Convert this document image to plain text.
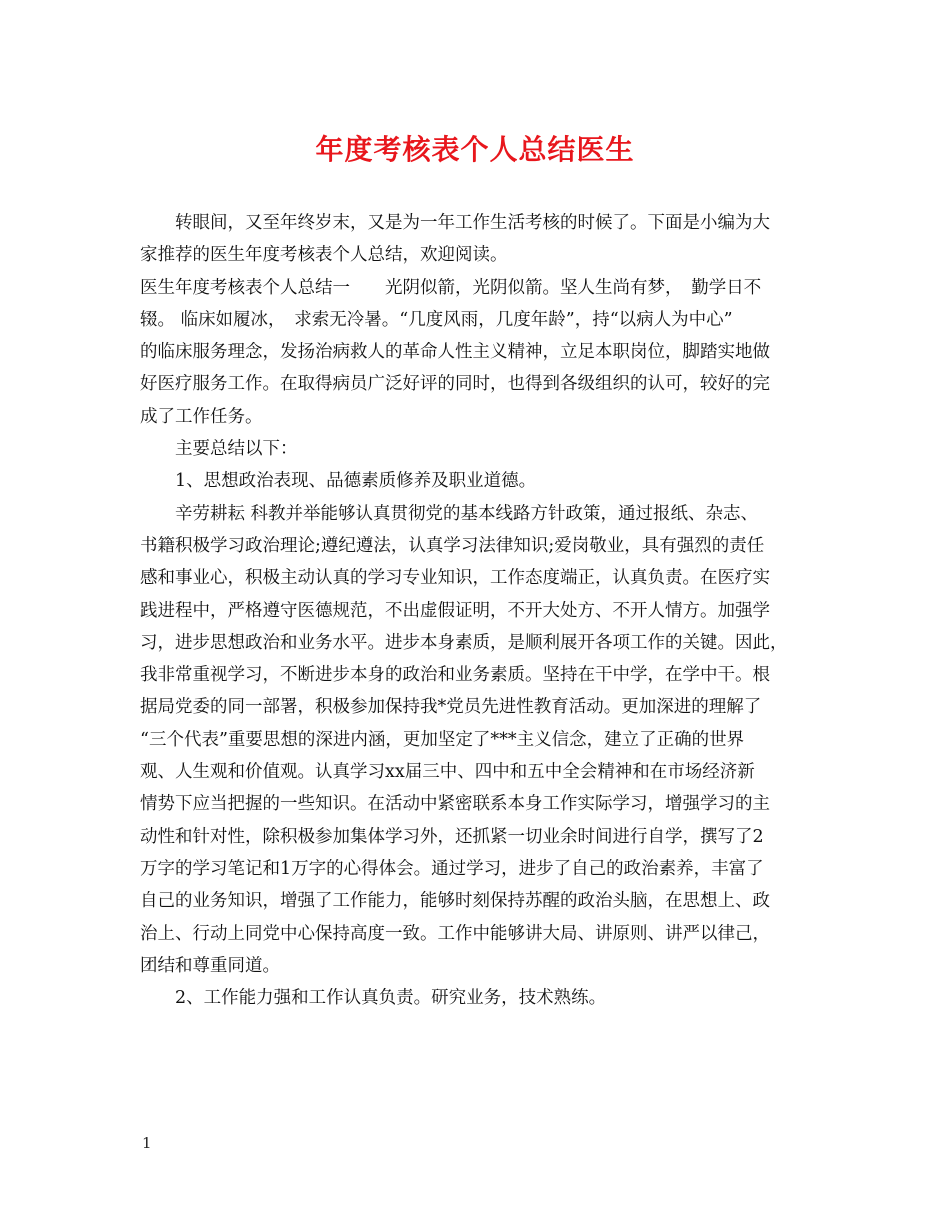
年度考核表个人总结医生
转眼间，又至年终岁末，又是为一年工作生活考核的时候了。下面是小编为大
家推荐的医生年度考核表个人总结，欢迎阅读。
医生年度考核表个人总结一　　光阴似箭，光阴似箭。坚人生尚有梦，　勤学日不
辍。 临床如履冰，　求索无冷暑。“几度风雨，几度年龄”，持“以病人为中心”
的临床服务理念，发扬治病救人的革命人性主义精神，立足本职岗位，脚踏实地做
好医疗服务工作。在取得病员广泛好评的同时，也得到各级组织的认可，较好的完
成了工作任务。
主要总结以下：
1、思想政治表现、品德素质修养及职业道德。
辛劳耕耘 科教并举能够认真贯彻党的基本线路方针政策，通过报纸、杂志、
书籍积极学习政治理论;遵纪遵法，认真学习法律知识;爱岗敬业，具有强烈的责任
感和事业心，积极主动认真的学习专业知识，工作态度端正，认真负责。在医疗实
践进程中，严格遵守医德规范，不出虚假证明，不开大处方、不开人情方。加强学
习，进步思想政治和业务水平。进步本身素质，是顺利展开各项工作的关键。因此，
我非常重视学习，不断进步本身的政治和业务素质。坚持在干中学，在学中干。根
据局党委的同一部署，积极参加保持我*党员先进性教育活动。更加深进的理解了
“三个代表”重要思想的深进内涵，更加坚定了***主义信念，建立了正确的世界
观、人生观和价值观。认真学习xx届三中、四中和五中全会精神和在市场经济新
情势下应当把握的一些知识。在活动中紧密联系本身工作实际学习，增强学习的主
动性和针对性，除积极参加集体学习外，还抓紧一切业余时间进行自学，撰写了2
万字的学习笔记和1万字的心得体会。通过学习，进步了自己的政治素养，丰富了
自己的业务知识，增强了工作能力，能够时刻保持苏醒的政治头脑，在思想上、政
治上、行动上同党中心保持高度一致。工作中能够讲大局、讲原则、讲严以律己，
团结和尊重同道。
2、工作能力强和工作认真负责。研究业务，技术熟练。
1
